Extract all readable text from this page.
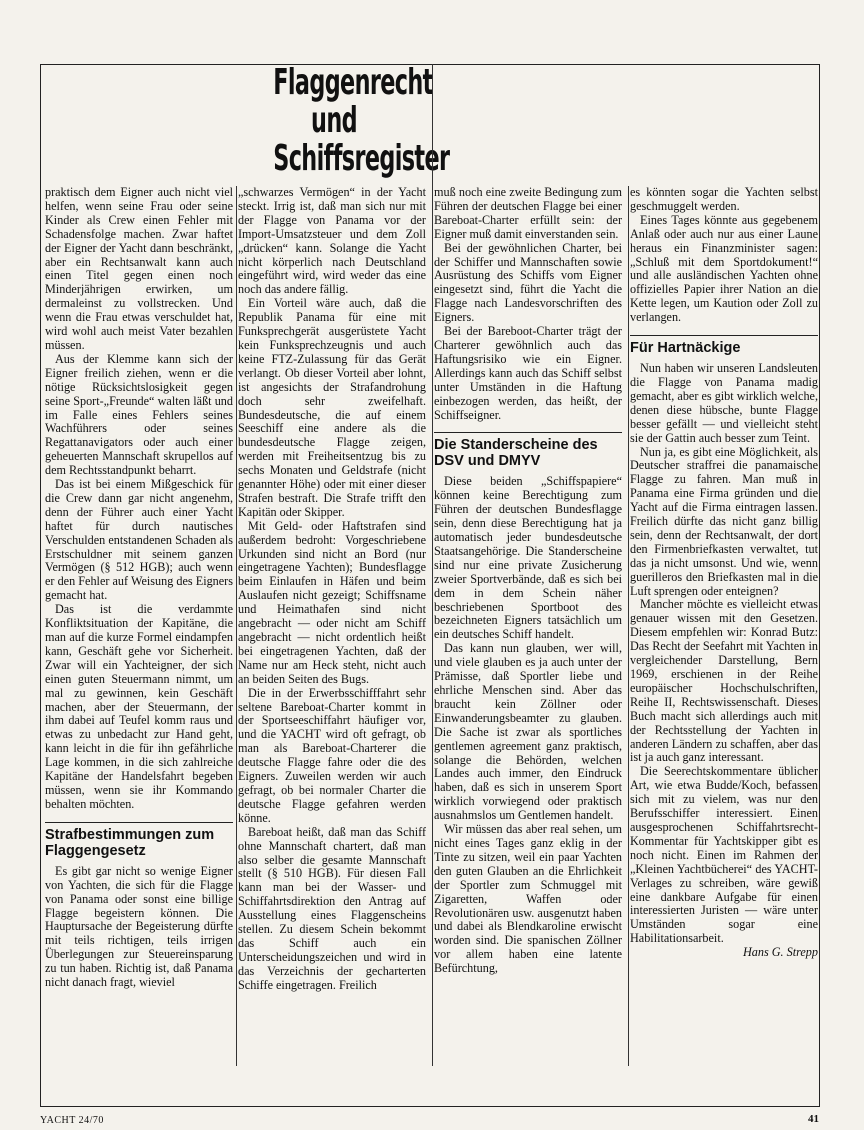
Flaggenrecht
und
Schiffsregister

praktisch dem Eigner auch nicht viel helfen, wenn seine Frau oder seine Kinder als Crew einen Fehler mit Schadensfolge machen. Zwar haftet der Eigner der Yacht dann beschränkt, aber ein Rechtsanwalt kann auch einen Titel gegen einen noch Minderjährigen erwirken, um dermaleinst zu vollstrecken. Und wenn die Frau etwas verschuldet hat, wird wohl auch meist Vater bezahlen müssen.

Aus der Klemme kann sich der Eigner freilich ziehen, wenn er die nötige Rücksichtslosigkeit gegen seine Sport-„Freunde“ walten läßt und im Falle eines Fehlers seines Wachführers oder seines Regattanavigators oder auch einer geheuerten Mannschaft skrupellos auf dem Rechtsstandpunkt beharrt.

Das ist bei einem Mißgeschick für die Crew dann gar nicht angenehm, denn der Führer auch einer Yacht haftet für durch nautisches Verschulden entstandenen Schaden als Erstschuldner mit seinem ganzen Vermögen (§ 512 HGB); auch wenn er den Fehler auf Weisung des Eigners gemacht hat.

Das ist die verdammte Konfliktsituation der Kapitäne, die man auf die kurze Formel eindampfen kann, Geschäft gehe vor Sicherheit. Zwar will ein Yachteigner, der sich einen guten Steuermann nimmt, um mal zu gewinnen, kein Geschäft machen, aber der Steuermann, der ihm dabei auf Teufel komm raus und etwas zu unbedacht zur Hand geht, kann leicht in die für ihn gefährliche Lage kommen, in die sich zahlreiche Kapitäne der Handelsfahrt begeben müssen, wenn sie ihr Kommando behalten möchten.

Strafbestimmungen zum Flaggengesetz

Es gibt gar nicht so wenige Eigner von Yachten, die sich für die Flagge von Panama oder sonst eine billige Flagge begeistern können. Die Hauptursache der Begeisterung dürfte mit teils richtigen, teils irrigen Überlegungen zur Steuereinsparung zu tun haben. Richtig ist, daß Panama nicht danach fragt, wieviel

„schwarzes Vermögen“ in der Yacht steckt. Irrig ist, daß man sich nur mit der Flagge von Panama vor der Import-Umsatzsteuer und dem Zoll „drücken“ kann. Solange die Yacht nicht körperlich nach Deutschland eingeführt wird, wird weder das eine noch das andere fällig.

Ein Vorteil wäre auch, daß die Republik Panama für eine mit Funksprechgerät ausgerüstete Yacht kein Funksprechzeugnis und auch keine FTZ-Zulassung für das Gerät verlangt. Ob dieser Vorteil aber lohnt, ist angesichts der Strafandrohung doch sehr zweifelhaft. Bundesdeutsche, die auf einem Seeschiff eine andere als die bundesdeutsche Flagge zeigen, werden mit Freiheitsentzug bis zu sechs Monaten und Geldstrafe (nicht genannter Höhe) oder mit einer dieser Strafen bestraft. Die Strafe trifft den Kapitän oder Skipper.

Mit Geld- oder Haftstrafen sind außerdem bedroht: Vorgeschriebene Urkunden sind nicht an Bord (nur eingetragene Yachten); Bundesflagge beim Einlaufen in Häfen und beim Auslaufen nicht gezeigt; Schiffsname und Heimathafen sind nicht angebracht — oder nicht am Schiff angebracht — nicht ordentlich heißt bei eingetragenen Yachten, daß der Name nur am Heck steht, nicht auch an beiden Seiten des Bugs.

Die in der Erwerbsschifffahrt sehr seltene Bareboat-Charter kommt in der Sportseeschiffahrt häufiger vor, und die YACHT wird oft gefragt, ob man als Bareboat-Charterer die deutsche Flagge fahre oder die des Eigners. Zuweilen werden wir auch gefragt, ob bei normaler Charter die deutsche Flagge gefahren werden könne.

Bareboat heißt, daß man das Schiff ohne Mannschaft chartert, daß man also selber die gesamte Mannschaft stellt (§ 510 HGB). Für diesen Fall kann man bei der Wasser- und Schiffahrtsdirektion den Antrag auf Ausstellung eines Flaggenscheins stellen. Zu diesem Schein bekommt das Schiff auch ein Unterscheidungszeichen und wird in das Verzeichnis der gecharterten Schiffe eingetragen. Freilich

muß noch eine zweite Bedingung zum Führen der deutschen Flagge bei einer Bareboat-Charter erfüllt sein: der Eigner muß damit einverstanden sein.

Bei der gewöhnlichen Charter, bei der Schiffer und Mannschaften sowie Ausrüstung des Schiffs vom Eigner eingesetzt sind, führt die Yacht die Flagge nach Landesvorschriften des Eigners.

Bei der Bareboot-Charter trägt der Charterer gewöhnlich auch das Haftungsrisiko wie ein Eigner. Allerdings kann auch das Schiff selbst unter Umständen in die Haftung einbezogen werden, das heißt, der Schiffseigner.

Die Standerscheine des DSV und DMYV

Diese beiden „Schiffspapiere“ können keine Berechtigung zum Führen der deutschen Bundesflagge sein, denn diese Berechtigung hat ja automatisch jeder bundesdeutsche Staatsangehörige. Die Standerscheine sind nur eine private Zusicherung zweier Sportverbände, daß es sich bei dem in dem Schein näher beschriebenen Sportboot des bezeichneten Eigners tatsächlich um ein deutsches Schiff handelt.

Das kann nun glauben, wer will, und viele glauben es ja auch unter der Prämisse, daß Sportler liebe und ehrliche Menschen sind. Aber das braucht kein Zöllner oder Einwanderungsbeamter zu glauben. Die Sache ist zwar als sportliches gentlemen agreement ganz praktisch, solange die Behörden, welchen Landes auch immer, den Eindruck haben, daß es sich in unserem Sport wirklich vorwiegend oder praktisch ausnahmslos um Gentlemen handelt.

Wir müssen das aber real sehen, um nicht eines Tages ganz eklig in der Tinte zu sitzen, weil ein paar Yachten den guten Glauben an die Ehrlichkeit der Sportler zum Schmuggel mit Zigaretten, Waffen oder Revolutionären usw. ausgenutzt haben und dabei als Blendkaroline erwischt worden sind. Die spanischen Zöllner vor allem haben eine latente Befürchtung,

es könnten sogar die Yachten selbst geschmuggelt werden.

Eines Tages könnte aus gegebenem Anlaß oder auch nur aus einer Laune heraus ein Finanzminister sagen: „Schluß mit dem Sportdokument!“ und alle ausländischen Yachten ohne offizielles Papier ihrer Nation an die Kette legen, um Kaution oder Zoll zu verlangen.

Für Hartnäckige

Nun haben wir unseren Landsleuten die Flagge von Panama madig gemacht, aber es gibt wirklich welche, denen diese hübsche, bunte Flagge besser gefällt — und vielleicht steht sie der Gattin auch besser zum Teint.

Nun ja, es gibt eine Möglichkeit, als Deutscher straffrei die panamaische Flagge zu fahren. Man muß in Panama eine Firma gründen und die Yacht auf die Firma eintragen lassen. Freilich dürfte das nicht ganz billig sein, denn der Rechtsanwalt, der dort den Firmenbriefkasten verwaltet, tut das ja nicht umsonst. Und wie, wenn guerilleros den Briefkasten mal in die Luft sprengen oder enteignen?

Mancher möchte es vielleicht etwas genauer wissen mit den Gesetzen. Diesem empfehlen wir: Konrad Butz: Das Recht der Seefahrt mit Yachten in vergleichender Darstellung, Bern 1969, erschienen in der Reihe europäischer Hochschulschriften, Reihe II, Rechtswissenschaft. Dieses Buch macht sich allerdings auch mit der Rechtsstellung der Yachten in anderen Ländern zu schaffen, aber das ist ja auch ganz interessant.

Die Seerechtskommentare üblicher Art, wie etwa Budde/Koch, befassen sich mit zu vielem, was nur den Berufsschiffer interessiert. Einen ausgesprochenen Schiffahrtsrecht-Kommentar für Yachtskipper gibt es noch nicht. Einen im Rahmen der „Kleinen Yachtbücherei“ des YACHT-Verlages zu schreiben, wäre gewiß eine dankbare Aufgabe für einen interessierten Juristen — wäre unter Umständen sogar eine Habilitationsarbeit.

Hans G. Strepp

YACHT 24/70	41
